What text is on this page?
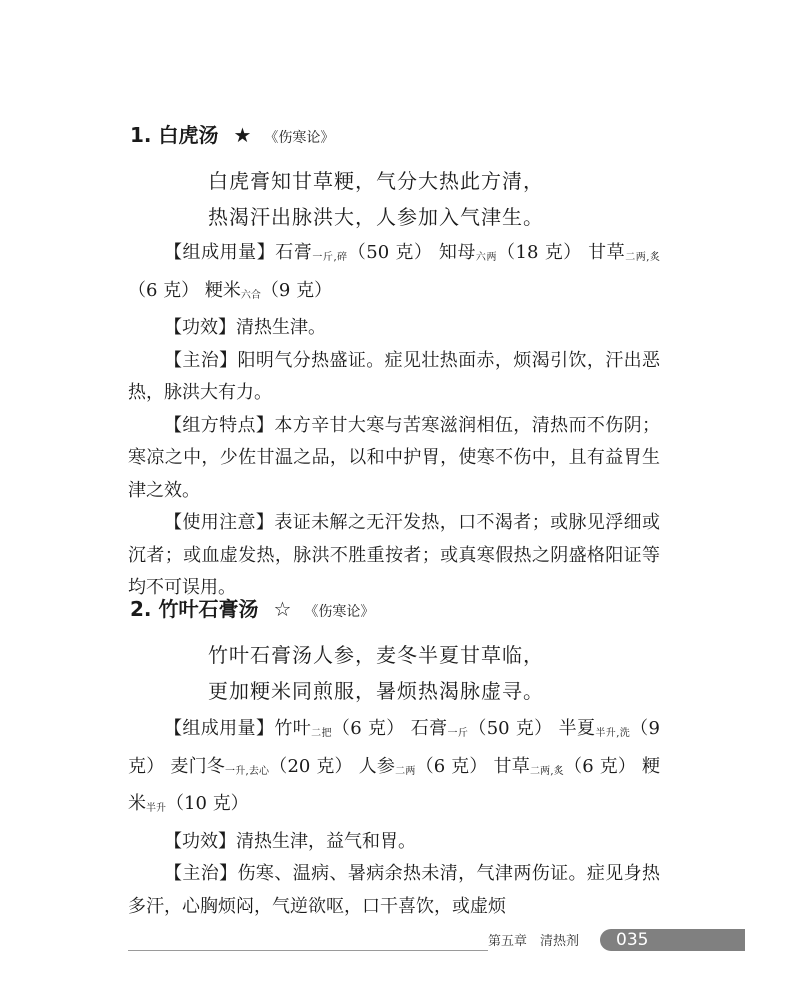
1. 白虎汤 ★ 《伤寒论》
白虎膏知甘草粳，气分大热此方清，
热渴汗出脉洪大，人参加入气津生。

【组成用量】石膏$_{一斤,碎}$（50 克） 知母$_{六两}$（18 克） 甘草$_{二两,炙}$（6 克） 粳米$_{六合}$（9 克）

【功效】清热生津。

【主治】阳明气分热盛证。症见壮热面赤，烦渴引饮，汗出恶热，脉洪大有力。

【组方特点】本方辛甘大寒与苦寒滋润相伍，清热而不伤阴；寒凉之中，少佐甘温之品，以和中护胃，使寒不伤中，且有益胃生津之效。

【使用注意】表证未解之无汗发热，口不渴者；或脉见浮细或沉者；或血虚发热，脉洪不胜重按者；或真寒假热之阴盛格阳证等均不可误用。

2. 竹叶石膏汤 ☆ 《伤寒论》
竹叶石膏汤人参，麦冬半夏甘草临，
更加粳米同煎服，暑烦热渴脉虚寻。

【组成用量】竹叶$_{二把}$（6 克） 石膏$_{一斤}$（50 克） 半夏$_{半升,洗}$（9 克） 麦门冬$_{一升,去心}$（20 克） 人参$_{二两}$（6 克） 甘草$_{二两,炙}$（6 克） 粳米$_{半升}$（10 克）

【功效】清热生津，益气和胃。

【主治】伤寒、温病、暑病余热未清，气津两伤证。症见身热多汗，心胸烦闷，气逆欲呕，口干喜饮，或虚烦

第五章　清热剂	035
